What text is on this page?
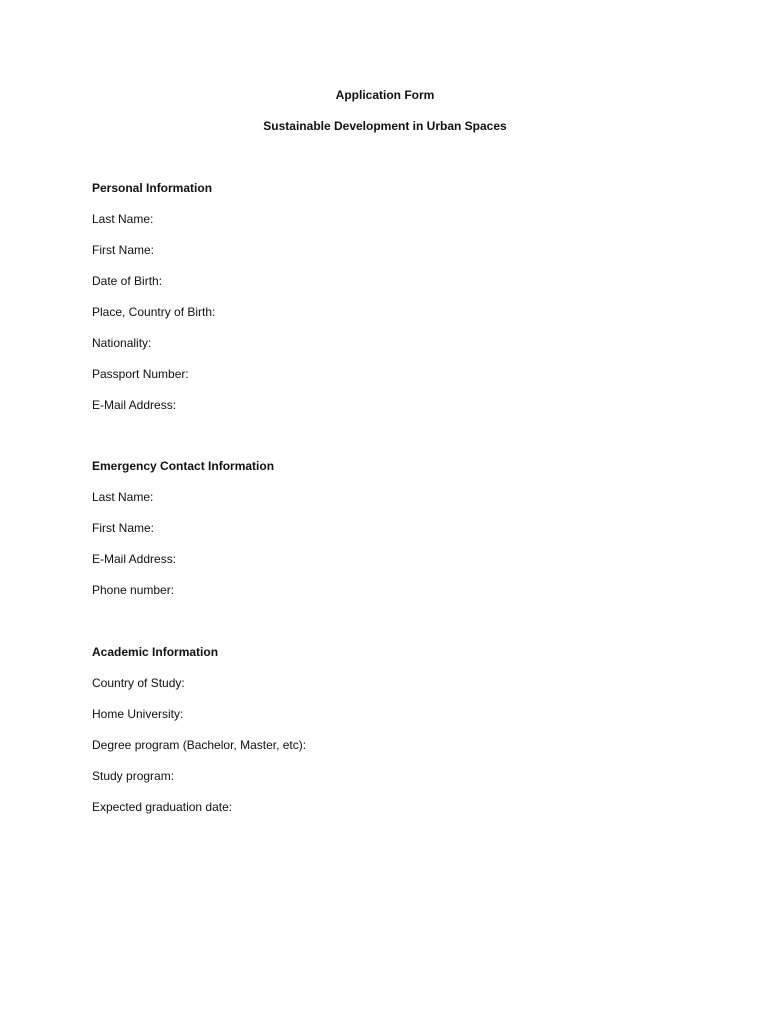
Application Form

Sustainable Development in Urban Spaces

Personal Information

Last Name:

First Name:

Date of Birth:

Place, Country of Birth:

Nationality:

Passport Number:

E-Mail Address:

Emergency Contact Information

Last Name:

First Name:

E-Mail Address:

Phone number:

Academic Information

Country of Study:

Home University:

Degree program (Bachelor, Master, etc):

Study program:

Expected graduation date:
